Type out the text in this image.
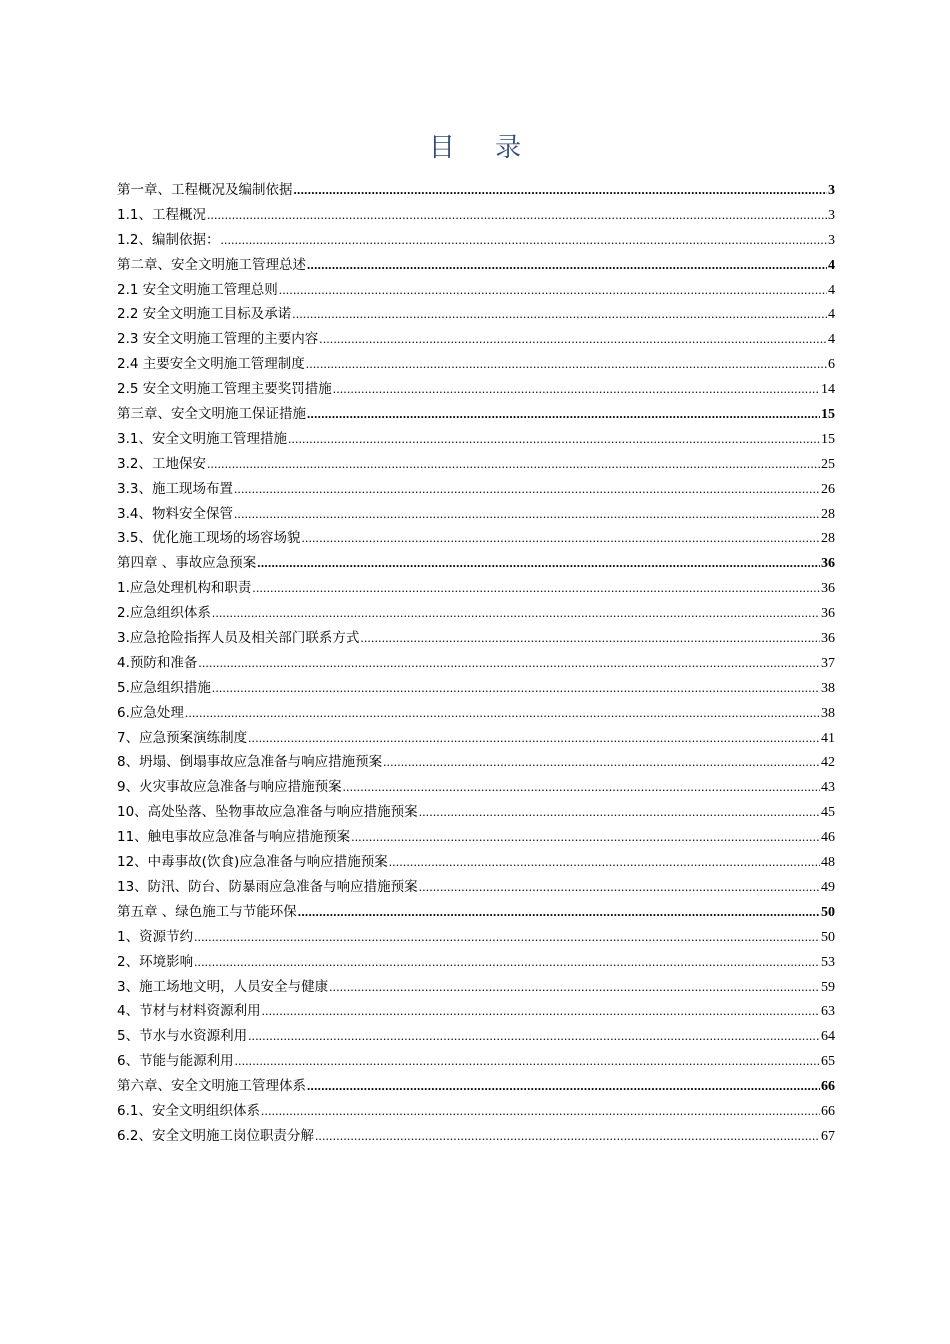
目 录
第一章、工程概况及编制依据 .....	3
1.1、工程概况 .....	3
1.2、编制依据： .....	3
第二章、安全文明施工管理总述 .....	4
2.1 安全文明施工管理总则 .....	4
2.2 安全文明施工目标及承诺 .....	4
2.3 安全文明施工管理的主要内容 .....	4
2.4 主要安全文明施工管理制度 .....	6
2.5 安全文明施工管理主要奖罚措施 .....	14
第三章、安全文明施工保证措施 .....	15
3.1、安全文明施工管理措施 .....	15
3.2、工地保安 .....	25
3.3、施工现场布置 .....	26
3.4、物料安全保管 .....	28
3.5、优化施工现场的场容场貌 .....	28
第四章 、事故应急预案 .....	36
1.应急处理机构和职责 .....	36
2.应急组织体系 .....	36
3.应急抢险指挥人员及相关部门联系方式 .....	36
4.预防和准备 .....	37
5.应急组织措施 .....	38
6.应急处理 .....	38
7、应急预案演练制度 .....	41
8、坍塌、倒塌事故应急准备与响应措施预案 .....	42
9、火灾事故应急准备与响应措施预案 .....	43
10、高处坠落、坠物事故应急准备与响应措施预案 .....	45
11、触电事故应急准备与响应措施预案 .....	46
12、中毒事故(饮食)应急准备与响应措施预案 .....	48
13、防汛、防台、防暴雨应急准备与响应措施预案 .....	49
第五章 、绿色施工与节能环保 .....	50
1、资源节约 .....	50
2、环境影响 .....	53
3、施工场地文明，人员安全与健康 .....	59
4、节材与材料资源利用 .....	63
5、节水与水资源利用 .....	64
6、节能与能源利用 .....	65
第六章、安全文明施工管理体系 .....	66
6.1、安全文明组织体系 .....	66
6.2、安全文明施工岗位职责分解 .....	67
